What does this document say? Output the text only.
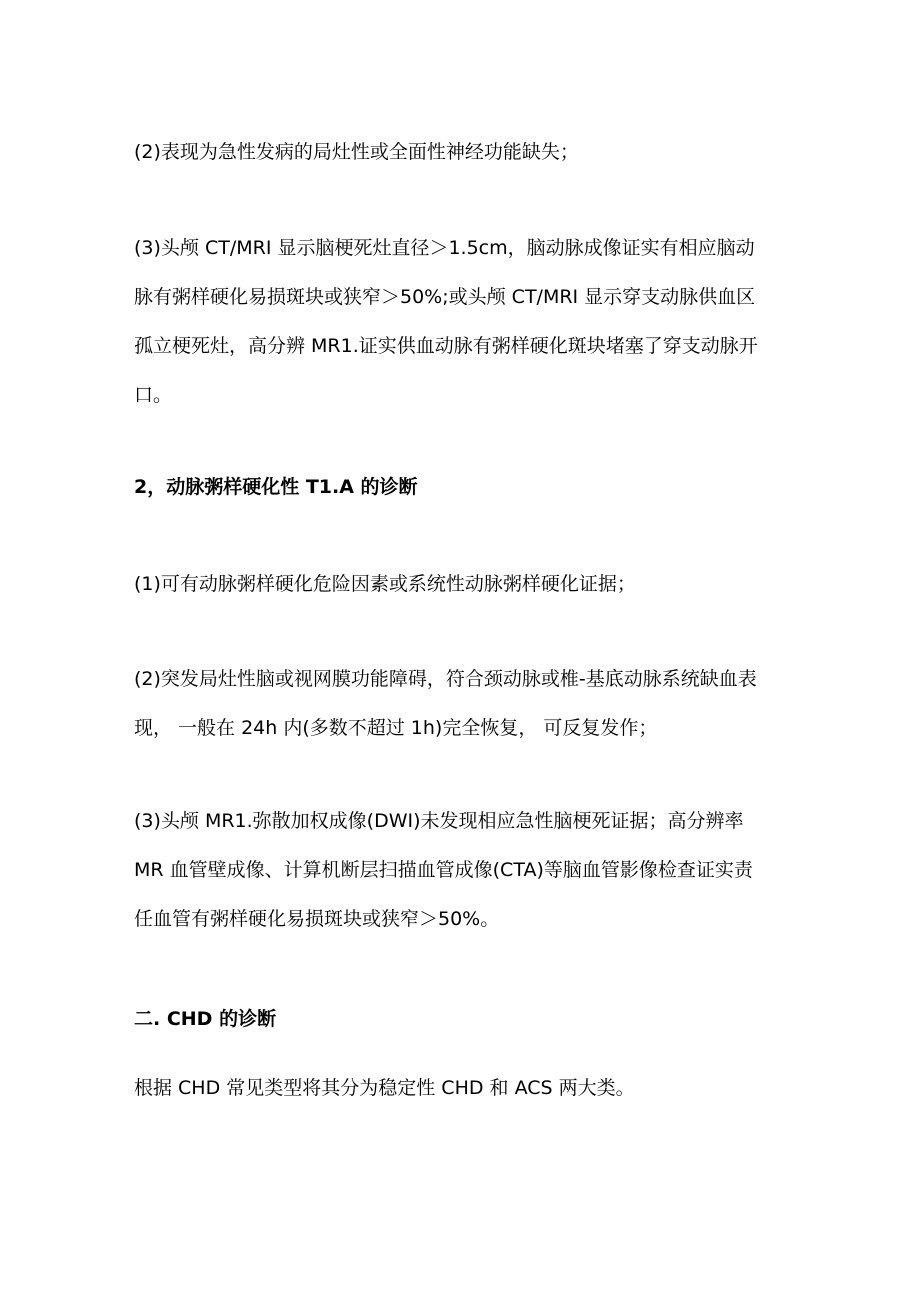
(2)表现为急性发病的局灶性或全面性神经功能缺失；
(3)头颅 CT/MRI 显示脑梗死灶直径＞1.5cm，脑动脉成像证实有相应脑动
脉有粥样硬化易损斑块或狭窄＞50%;或头颅 CT/MRI 显示穿支动脉供血区
孤立梗死灶，高分辨 MR1.证实供血动脉有粥样硬化斑块堵塞了穿支动脉开
口。
2，动脉粥样硬化性 T1.A 的诊断
(1)可有动脉粥样硬化危险因素或系统性动脉粥样硬化证据；
(2)突发局灶性脑或视网膜功能障碍，符合颈动脉或椎-基底动脉系统缺血表
现， 一般在 24h 内(多数不超过 1h)完全恢复， 可反复发作；
(3)头颅 MR1.弥散加权成像(DWI)未发现相应急性脑梗死证据；高分辨率
MR 血管壁成像、计算机断层扫描血管成像(CTA)等脑血管影像检查证实责
任血管有粥样硬化易损斑块或狭窄＞50%。
二. CHD 的诊断
根据 CHD 常见类型将其分为稳定性 CHD 和 ACS 两大类。
